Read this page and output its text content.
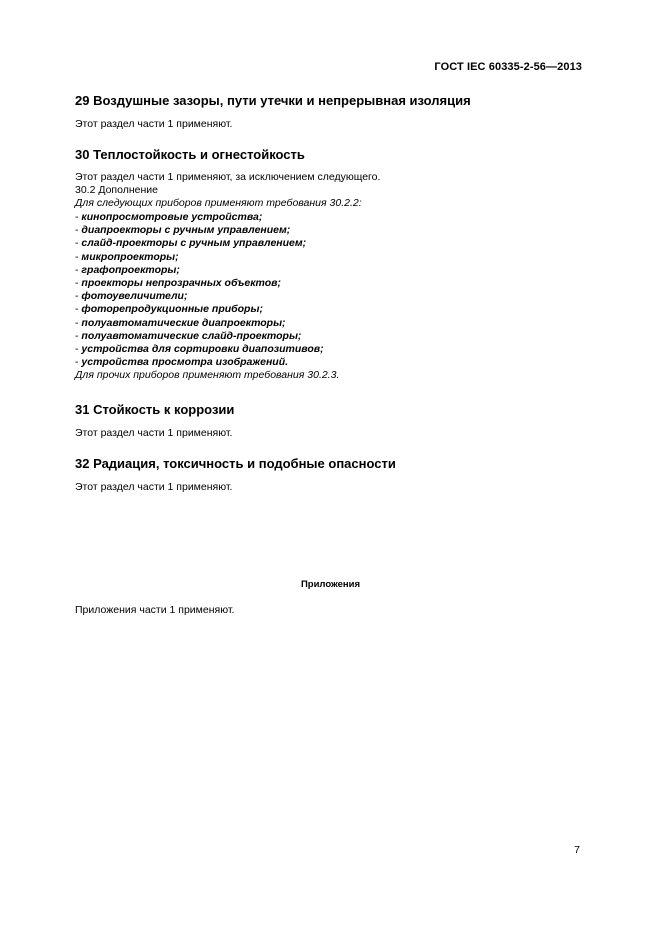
ГОСТ IEC 60335-2-56—2013
29 Воздушные зазоры, пути утечки и непрерывная изоляция
Этот раздел части 1 применяют.
30 Теплостойкость и огнестойкость
Этот раздел части 1 применяют, за исключением следующего.
30.2 Дополнение
Для следующих приборов применяют требования 30.2.2:
- кинопросмотровые устройства;
- диапроекторы с ручным управлением;
- слайд-проекторы с ручным управлением;
- микропроекторы;
- графопроекторы;
- проекторы непрозрачных объектов;
- фотоувеличители;
- фоторепродукционные приборы;
- полуавтоматические диапроекторы;
- полуавтоматические слайд-проекторы;
- устройства для сортировки диапозитивов;
- устройства просмотра изображений.
Для прочих приборов применяют требования 30.2.3.
31 Стойкость к коррозии
Этот раздел части 1 применяют.
32 Радиация, токсичность и подобные опасности
Этот раздел части 1 применяют.
Приложения
Приложения части 1 применяют.
7
